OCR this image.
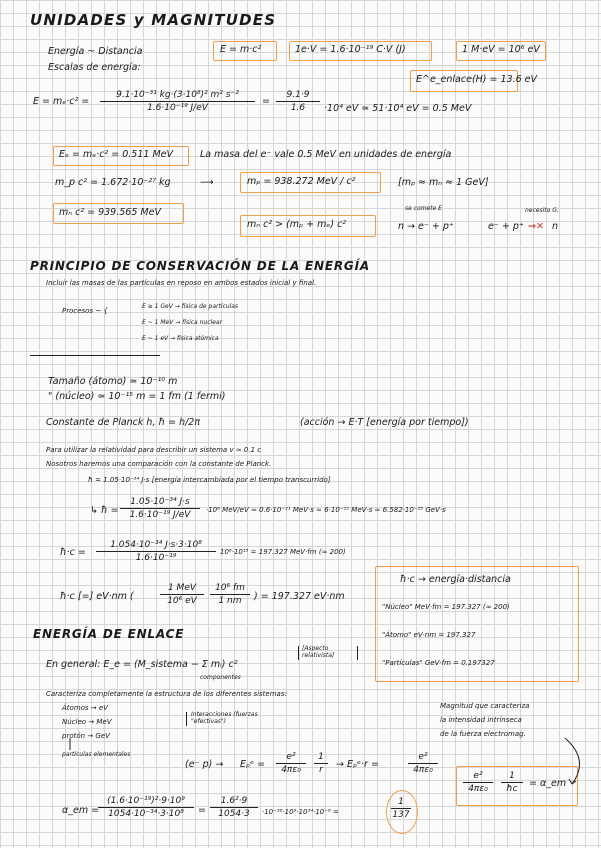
UNIDADES y MAGNITUDES
Energía ~ Distancia
Escalas de energía:
E = m·c²	1e·V = 1.6·10⁻¹⁹ C·V (J)	1 M·eV = 10⁶ eV
E^e_enlace(H) = 13.6 eV
$E = m_e\cdot c^2 = \frac{\text{9.1·10⁻³¹ kg·(3·10⁸)² m² s⁻²}}{\text{1.6·10⁻¹⁹ J/eV}} = \frac{9.1\cdot 9}{1.6} \cdot 10^4$ eV ≃ 51·10⁴ eV = 0.5 MeV
Eₑ = mₑ·c² = 0.511 MeV	La masa del e⁻ vale 0.5 MeV en unidades de energía
m_p c² = 1.672·10⁻²⁷ kg	⟶	mₚ = 938.272 MeV / c²	[mₚ ≈ mₙ ≈ 1 GeV]
mₙ c² = 939.565 MeV
mₙ c² > (mₚ + mₑ) c²
se comete E
n → e⁻ + p⁺
necesito G.
e⁻ + p⁺ →✕ n
PRINCIPIO DE CONSERVACIÓN DE LA ENERGÍA
Incluir las masas de las partículas en reposo en ambos estados inicial y final.
Procesos ~ {
E ≥ 1 GeV → física de partículas
E ~ 1 MeV → física nuclear
E ~ 1 eV → física atómica
Tamaño (átomo) ≃ 10⁻¹⁰ m
" (núcleo) ≃ 10⁻¹⁵ m = 1 fm (1 fermi)
Constante de Planck h, ħ = h/2π	(acción → E·T [energía por tiempo])
Para utilizar la relatividad para describir un sistema v ≃ 0.1 c
Nosotros haremos una comparación con la constante de Planck.
ħ = 1.05·10⁻³⁴ J·s [energía intercambiada por el tiempo transcurrido]
↳ ħ = $\frac{\text{1.05·10⁻³⁴ J·s}}{\text{1.6·10⁻¹⁹ J/eV}} \cdot 10^6$ MeV/eV ≃ 0.6·10⁻²¹ MeV·s ≃ 6·10⁻²² MeV·s ≃ 6.582·10⁻²⁵ GeV·s
ħ·c = $\frac{\text{1.054·10⁻³⁴ J·s·3·10⁸}}{\text{1.6·10⁻¹⁹}} 10^6\cdot 10^{15} = 197.327$ MeV·fm (≈ 200)
ħ·c [=] eV·nm (
1 MeV
10⁶ eV	$\frac{\text{10⁶ fm}}{1 nm}$ ) = 197.327 eV·nm
ħ·c → energía·distancia
"Núcleo" MeV·fm = 197.327 (≈ 200)
"Átomo" eV·nm = 197.327
"Partículas" GeV·fm = 0.197327
ENERGÍA DE ENLACE
En general: E_e = (M_sistema − Σ mᵢ) c²
componentes
[Aspecto relativista]
Caracteriza completamente la estructura de los diferentes sistemas:
Átomos → eV
Núcleo → MeV
protón → GeV
partículas elementales
Interacciones (fuerzas "efectivas")
Magnitud que caracteriza
la intensidad intrínseca
de la fuerza electromag.
(e⁻ p) → Eₚᵉ = $\frac{\text{e²}}{\text{4πε₀}} \frac{1}{r}$ → Eₚᵉ·r =	$\frac{\text{e²}}{\text{4πε₀}}$
$\frac{\text{e²}}{\text{4πε₀}} \frac{1}{ħc}$ = α_em
α_em =
$\frac{\text{(1.6·10⁻¹⁹)²·9·10⁹}}{\text{1054·10⁻³⁴·3·10⁸}} = \frac{\text{1.6²·9}}{1054\cdot 3} \cdot 10^{-38}\cdot 10^9\cdot 10^{34}\cdot 10^{-8}$ =	$\frac{1}{137}$
